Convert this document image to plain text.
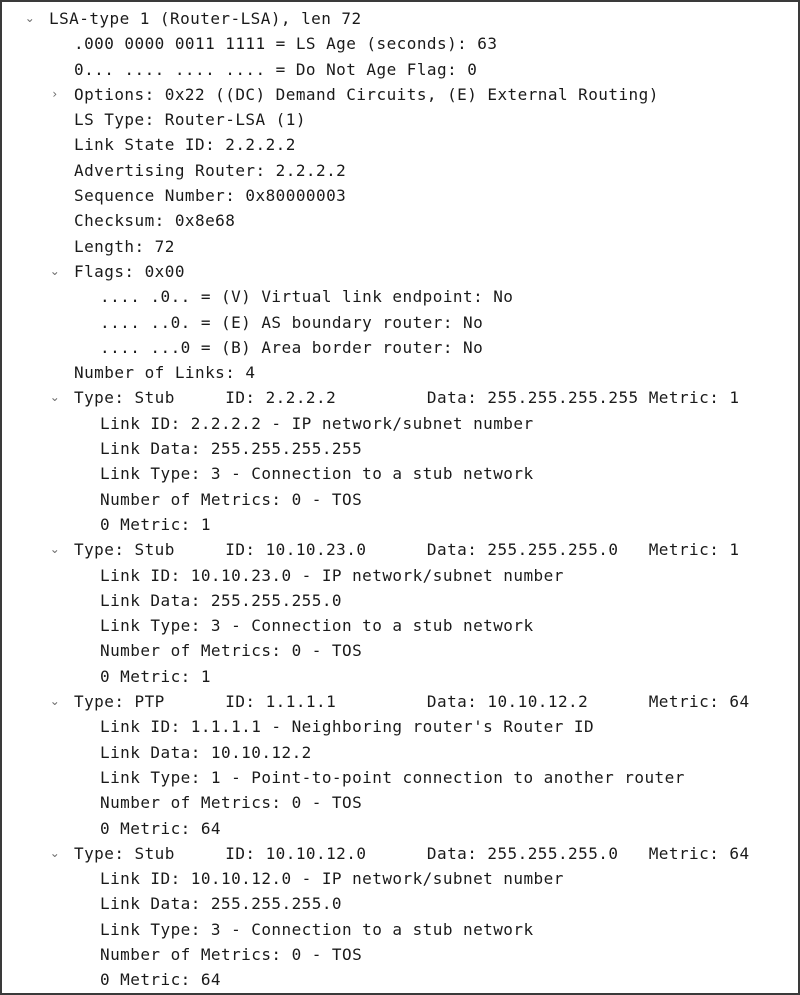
⌄ LSA-type 1 (Router-LSA), len 72
.000 0000 0011 1111 = LS Age (seconds): 63
0... .... .... .... = Do Not Age Flag: 0
› Options: 0x22 ((DC) Demand Circuits, (E) External Routing)
LS Type: Router-LSA (1)
Link State ID: 2.2.2.2
Advertising Router: 2.2.2.2
Sequence Number: 0x80000003
Checksum: 0x8e68
Length: 72
⌄ Flags: 0x00
.... .0.. = (V) Virtual link endpoint: No
.... ..0. = (E) AS boundary router: No
.... ...0 = (B) Area border router: No
Number of Links: 4
⌄ Type: Stub     ID: 2.2.2.2         Data: 255.255.255.255 Metric: 1
Link ID: 2.2.2.2 - IP network/subnet number
Link Data: 255.255.255.255
Link Type: 3 - Connection to a stub network
Number of Metrics: 0 - TOS
0 Metric: 1
⌄ Type: Stub     ID: 10.10.23.0      Data: 255.255.255.0   Metric: 1
Link ID: 10.10.23.0 - IP network/subnet number
Link Data: 255.255.255.0
Link Type: 3 - Connection to a stub network
Number of Metrics: 0 - TOS
0 Metric: 1
⌄ Type: PTP      ID: 1.1.1.1         Data: 10.10.12.2      Metric: 64
Link ID: 1.1.1.1 - Neighboring router's Router ID
Link Data: 10.10.12.2
Link Type: 1 - Point-to-point connection to another router
Number of Metrics: 0 - TOS
0 Metric: 64
⌄ Type: Stub     ID: 10.10.12.0      Data: 255.255.255.0   Metric: 64
Link ID: 10.10.12.0 - IP network/subnet number
Link Data: 255.255.255.0
Link Type: 3 - Connection to a stub network
Number of Metrics: 0 - TOS
0 Metric: 64
